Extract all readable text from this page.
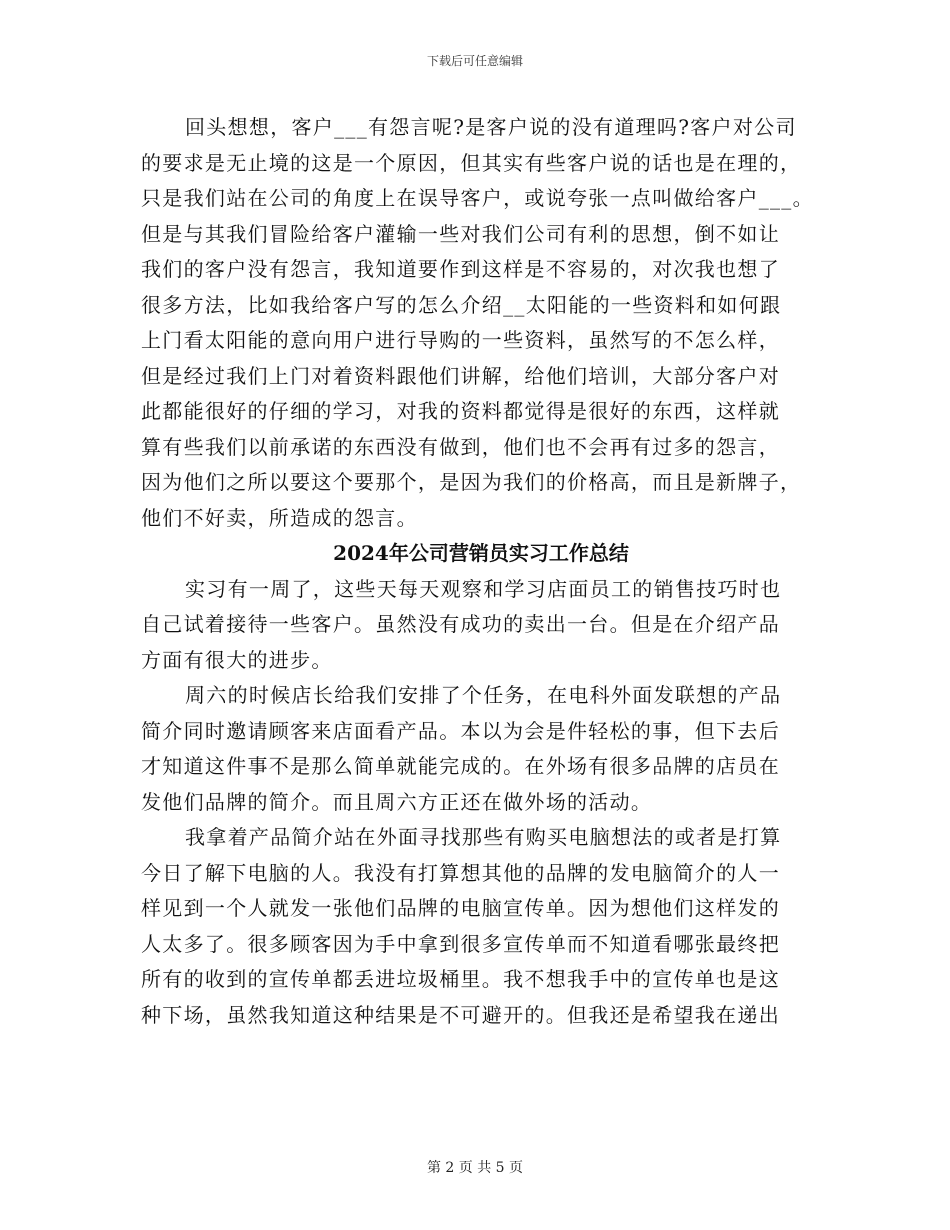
下载后可任意编辑
回头想想，客户___有怨言呢?是客户说的没有道理吗?客户对公司
的要求是无止境的这是一个原因，但其实有些客户说的话也是在理的，
只是我们站在公司的角度上在误导客户，或说夸张一点叫做给客户___。
但是与其我们冒险给客户灌输一些对我们公司有利的思想，倒不如让
我们的客户没有怨言，我知道要作到这样是不容易的，对次我也想了
很多方法，比如我给客户写的怎么介绍__太阳能的一些资料和如何跟
上门看太阳能的意向用户进行导购的一些资料，虽然写的不怎么样，
但是经过我们上门对着资料跟他们讲解，给他们培训，大部分客户对
此都能很好的仔细的学习，对我的资料都觉得是很好的东西，这样就
算有些我们以前承诺的东西没有做到，他们也不会再有过多的怨言，
因为他们之所以要这个要那个，是因为我们的价格高，而且是新牌子，
他们不好卖，所造成的怨言。
2024年公司营销员实习工作总结
实习有一周了，这些天每天观察和学习店面员工的销售技巧时也
自己试着接待一些客户。虽然没有成功的卖出一台。但是在介绍产品
方面有很大的进步。
周六的时候店长给我们安排了个任务，在电科外面发联想的产品
简介同时邀请顾客来店面看产品。本以为会是件轻松的事，但下去后
才知道这件事不是那么简单就能完成的。在外场有很多品牌的店员在
发他们品牌的简介。而且周六方正还在做外场的活动。
我拿着产品简介站在外面寻找那些有购买电脑想法的或者是打算
今日了解下电脑的人。我没有打算想其他的品牌的发电脑简介的人一
样见到一个人就发一张他们品牌的电脑宣传单。因为想他们这样发的
人太多了。很多顾客因为手中拿到很多宣传单而不知道看哪张最终把
所有的收到的宣传单都丢进垃圾桶里。我不想我手中的宣传单也是这
种下场，虽然我知道这种结果是不可避开的。但我还是希望我在递出
第 2 页 共 5 页
